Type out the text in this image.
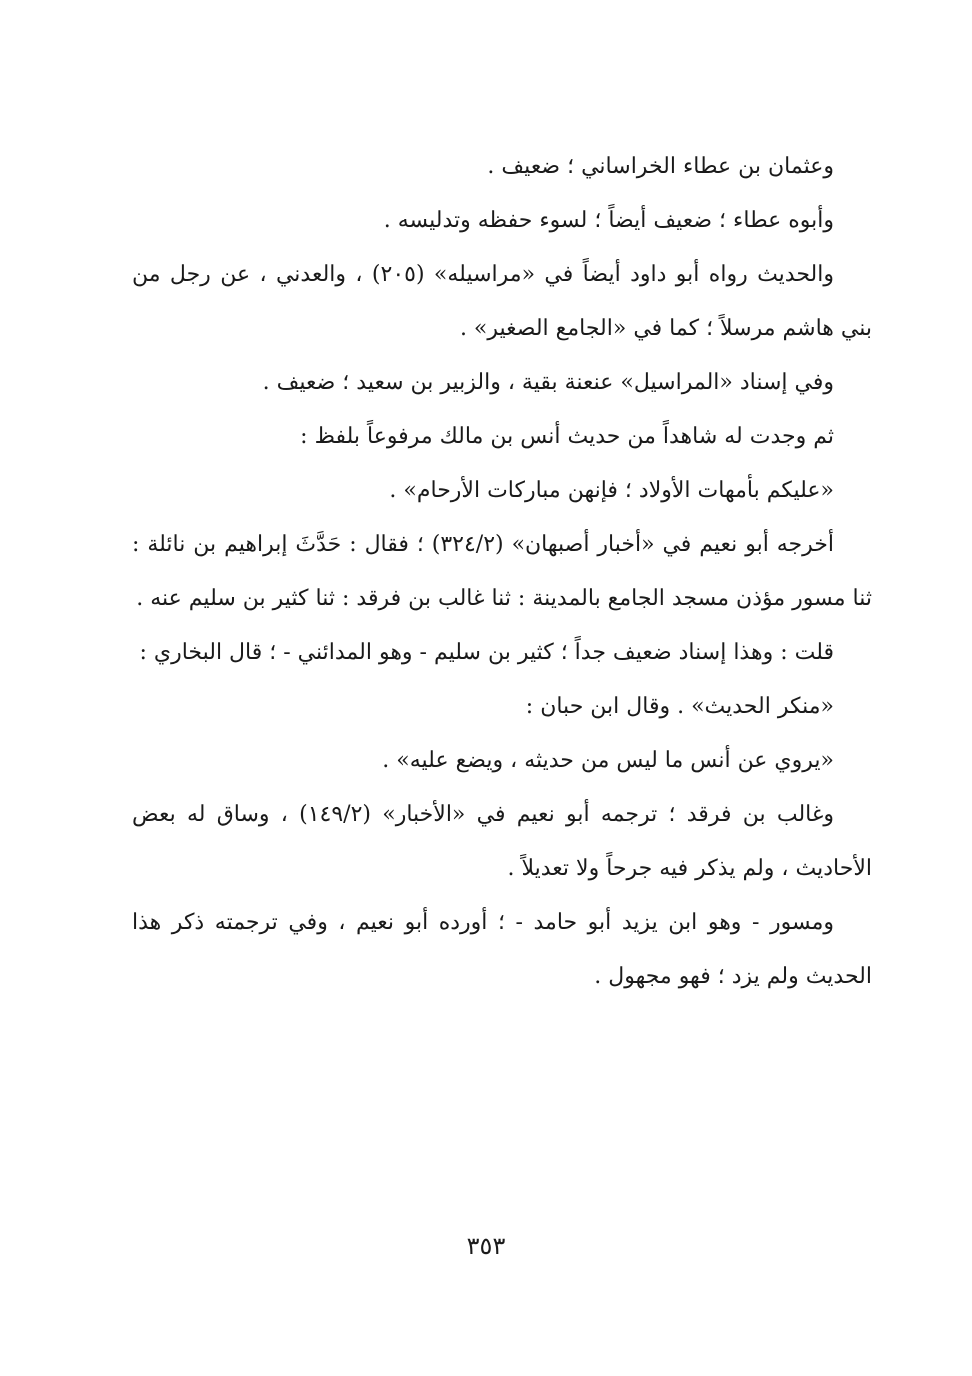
وعثمان بن عطاء الخراساني ؛ ضعيف .

وأبوه عطاء ؛ ضعيف أيضاً ؛ لسوء حفظه وتدليسه .

والحديث رواه أبو داود أيضاً في «مراسيله» (٢٠٥) ، والعدني ، عن رجل من بني هاشم مرسلاً ؛ كما في «الجامع الصغير» .

وفي إسناد «المراسيل» عنعنة بقية ، والزبير بن سعيد ؛ ضعيف .

ثم وجدت له شاهداً من حديث أنس بن مالك مرفوعاً بلفظ :

«عليكم بأمهات الأولاد ؛ فإنهن مباركات الأرحام» .

أخرجه أبو نعيم في «أخبار أصبهان» (٣٢٤/٢) ؛ فقال : حَدَّثَ إبراهيم بن نائلة : ثنا مسور مؤذن مسجد الجامع بالمدينة : ثنا غالب بن فرقد : ثنا كثير بن سليم عنه .

قلت : وهذا إسناد ضعيف جداً ؛ كثير بن سليم - وهو المدائني - ؛ قال البخاري :

«منكر الحديث» . وقال ابن حبان :

«يروي عن أنس ما ليس من حديثه ، ويضع عليه» .

وغالب بن فرقد ؛ ترجمه أبو نعيم في «الأخبار» (١٤٩/٢) ، وساق له بعض الأحاديث ، ولم يذكر فيه جرحاً ولا تعديلاً .

ومسور - وهو ابن يزيد أبو حامد - ؛ أورده أبو نعيم ، وفي ترجمته ذكر هذا الحديث ولم يزد ؛ فهو مجهول .

٣٥٣
